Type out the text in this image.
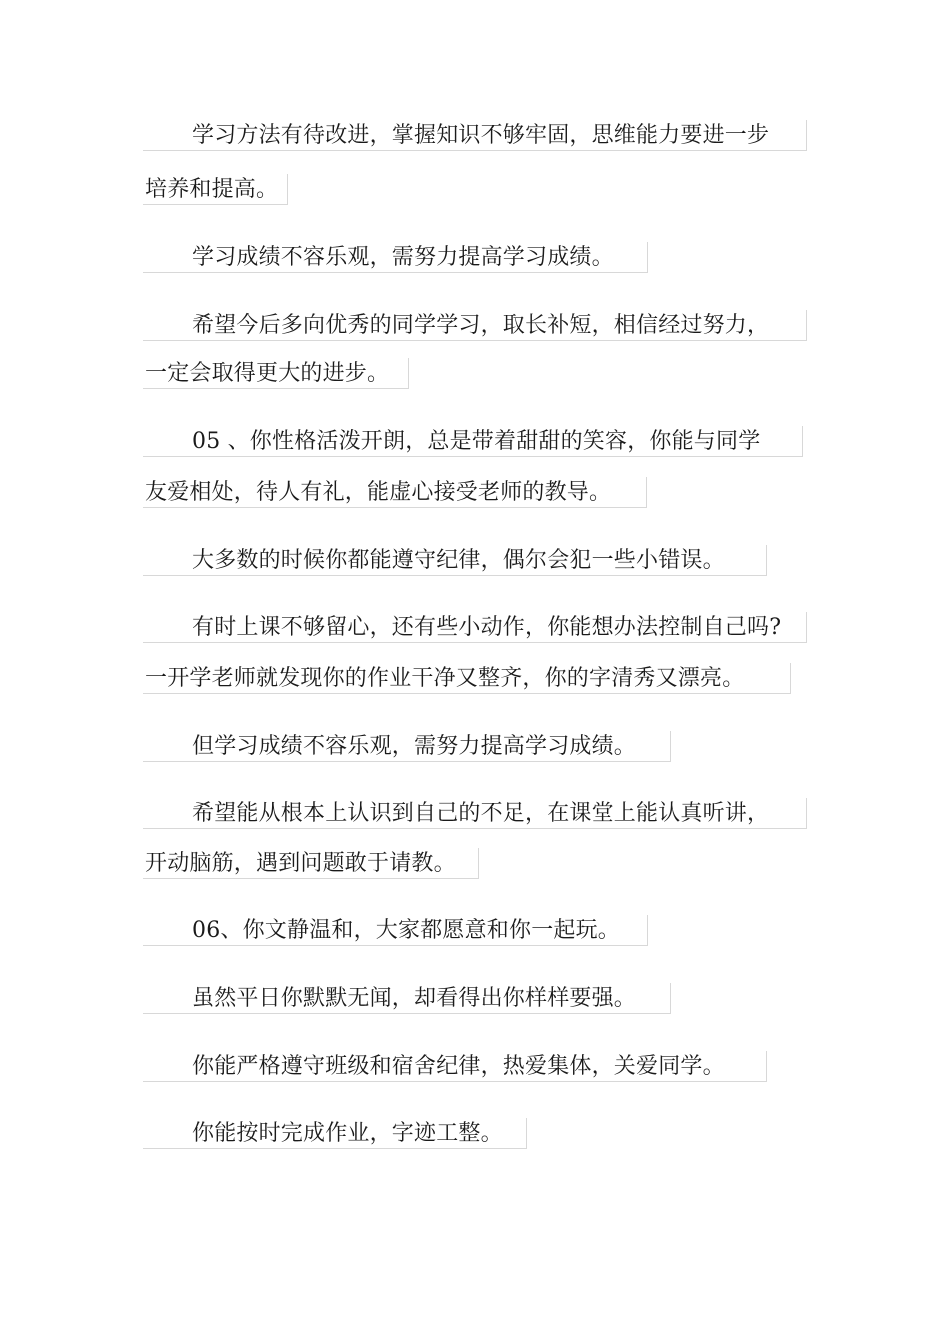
学习方法有待改进，掌握知识不够牢固，思维能力要进一步
培养和提高。
学习成绩不容乐观，需努力提高学习成绩。
希望今后多向优秀的同学学习，取长补短，相信经过努力，
一定会取得更大的进步。
05 、你性格活泼开朗，总是带着甜甜的笑容，你能与同学
友爱相处，待人有礼，能虚心接受老师的教导。
大多数的时候你都能遵守纪律，偶尔会犯一些小错误。
有时上课不够留心，还有些小动作，你能想办法控制自己吗?
一开学老师就发现你的作业干净又整齐，你的字清秀又漂亮。
但学习成绩不容乐观，需努力提高学习成绩。
希望能从根本上认识到自己的不足，在课堂上能认真听讲，
开动脑筋，遇到问题敢于请教。
06、你文静温和，大家都愿意和你一起玩。
虽然平日你默默无闻，却看得出你样样要强。
你能严格遵守班级和宿舍纪律，热爱集体，关爱同学。
你能按时完成作业，字迹工整。
